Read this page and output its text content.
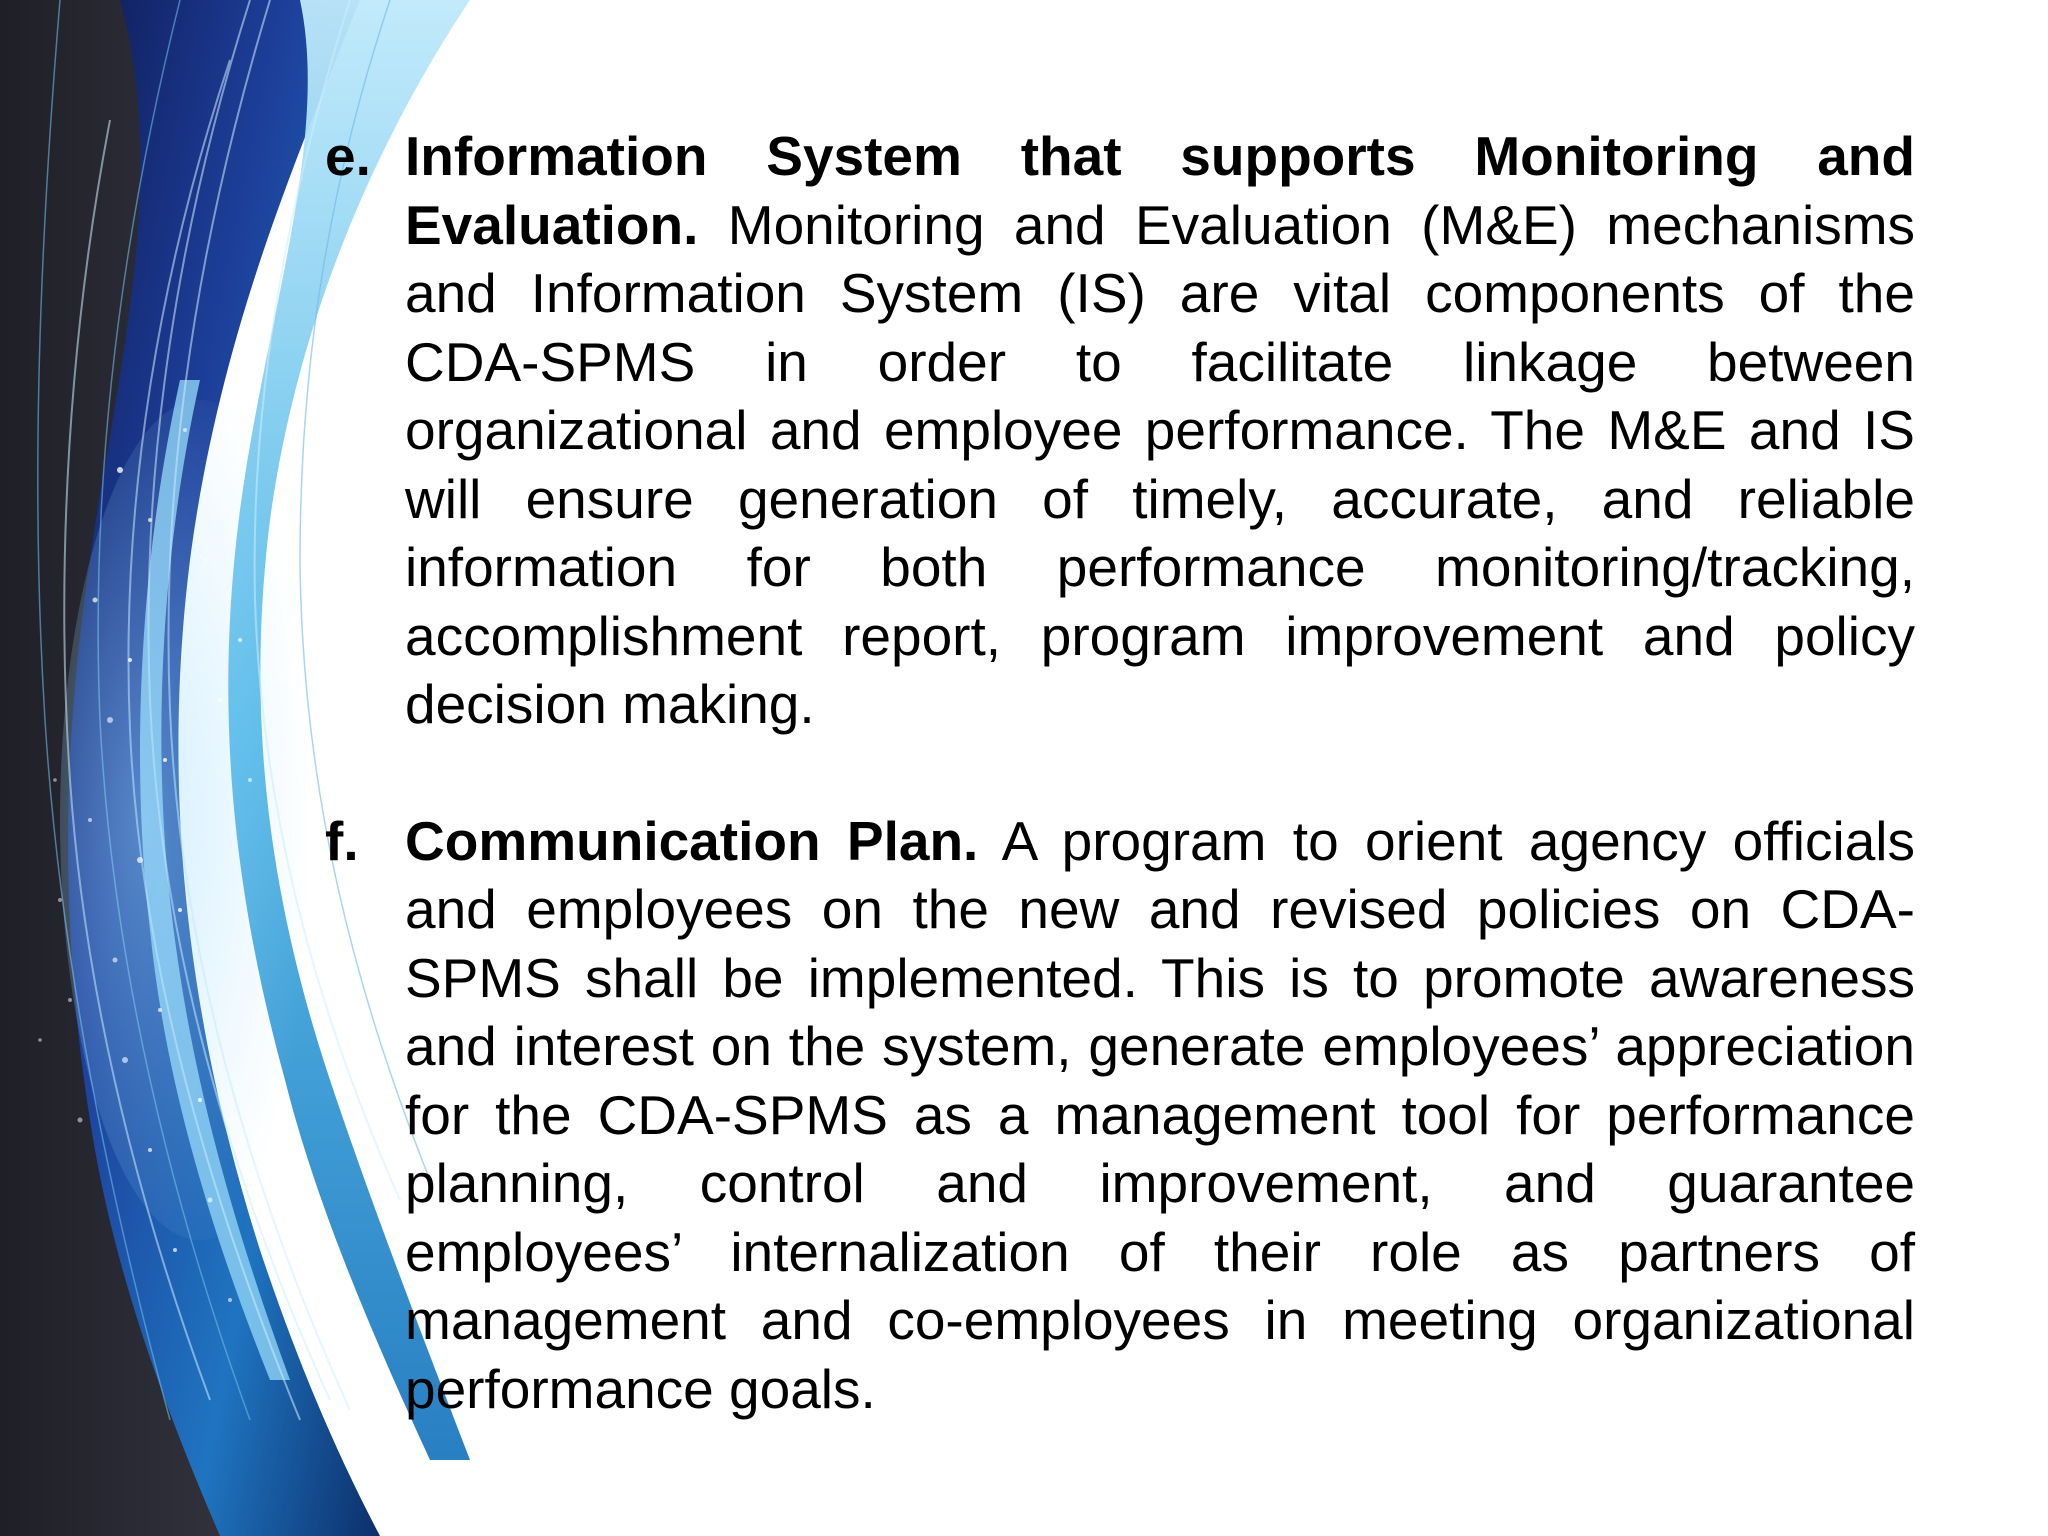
e. Information System that supports Monitoring and Evaluation. Monitoring and Evaluation (M&E) mechanisms and Information System (IS) are vital components of the CDA-SPMS in order to facilitate linkage between organizational and employee performance. The M&E and IS will ensure generation of timely, accurate, and reliable information for both performance monitoring/tracking, accomplishment report, program improvement and policy decision making.
f. Communication Plan. A program to orient agency officials and employees on the new and revised policies on CDA-SPMS shall be implemented. This is to promote awareness and interest on the system, generate employees’ appreciation for the CDA-SPMS as a management tool for performance planning, control and improvement, and guarantee employees’ internalization of their role as partners of management and co-employees in meeting organizational performance goals.
